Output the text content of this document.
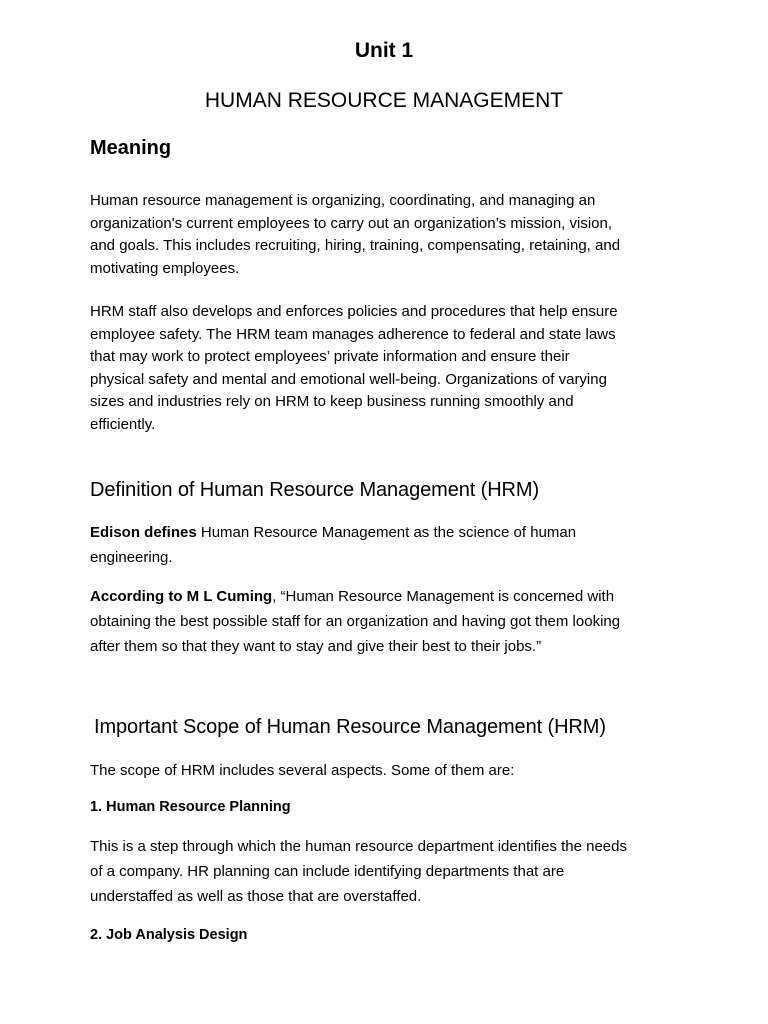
Unit 1
HUMAN RESOURCE MANAGEMENT
Meaning

Human resource management is organizing, coordinating, and managing an
organization's current employees to carry out an organization’s mission, vision,
and goals. This includes recruiting, hiring, training, compensating, retaining, and
motivating employees.

HRM staff also develops and enforces policies and procedures that help ensure
employee safety. The HRM team manages adherence to federal and state laws
that may work to protect employees’ private information and ensure their
physical safety and mental and emotional well-being. Organizations of varying
sizes and industries rely on HRM to keep business running smoothly and
efficiently.

Definition of Human Resource Management (HRM)

Edison defines Human Resource Management as the science of human
engineering.

According to M L Cuming, “Human Resource Management is concerned with
obtaining the best possible staff for an organization and having got them looking
after them so that they want to stay and give their best to their jobs.”

Important Scope of Human Resource Management (HRM)

The scope of HRM includes several aspects. Some of them are:

1. Human Resource Planning

This is a step through which the human resource department identifies the needs
of a company. HR planning can include identifying departments that are
understaffed as well as those that are overstaffed.

2. Job Analysis Design
